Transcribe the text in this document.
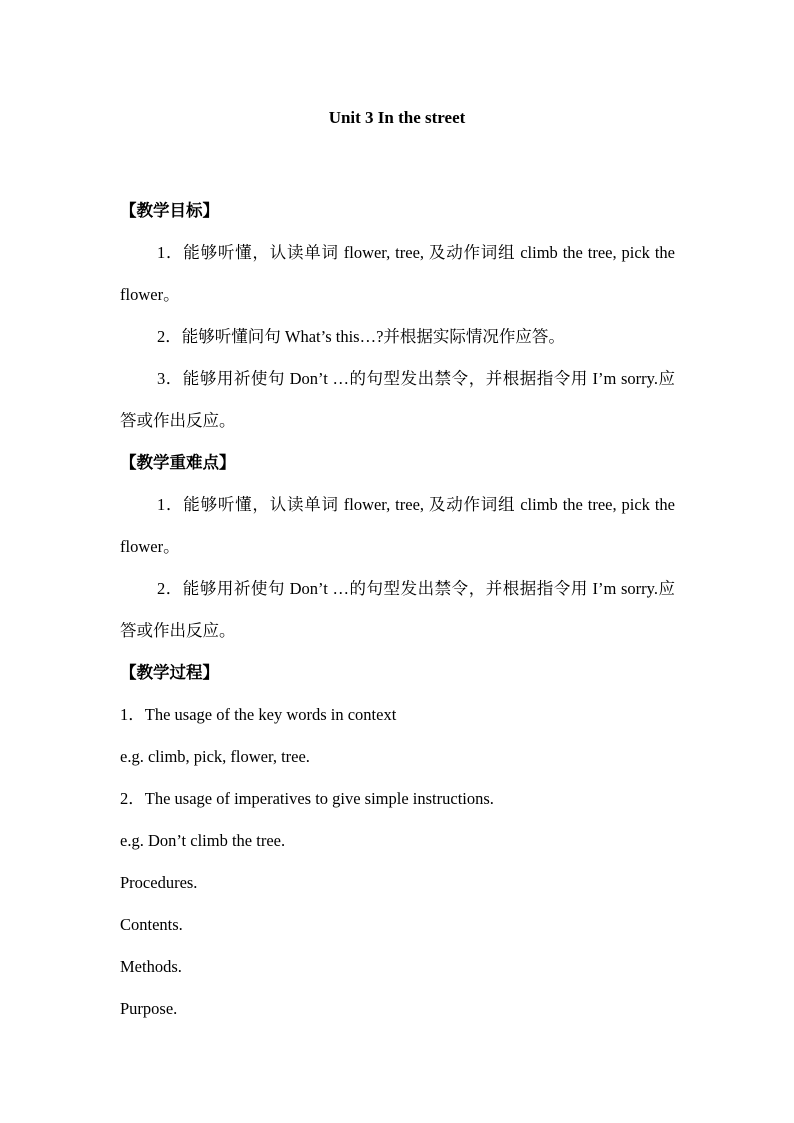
Unit 3 In the street

【教学目标】

1．能够听懂，认读单词 flower, tree, 及动作词组 climb the tree, pick the flower。

2．能够听懂问句 What’s this…?并根据实际情况作应答。

3．能够用祈使句 Don’t …的句型发出禁令，并根据指令用 I’m sorry.应答或作出反应。

【教学重难点】

1．能够听懂，认读单词 flower, tree, 及动作词组 climb the tree, pick the flower。

2．能够用祈使句 Don’t …的句型发出禁令，并根据指令用 I’m sorry.应答或作出反应。

【教学过程】

1．The usage of the key words in context

e.g. climb, pick, flower, tree.

2．The usage of imperatives to give simple instructions.

e.g. Don’t climb the tree.

Procedures.

Contents.

Methods.

Purpose.
